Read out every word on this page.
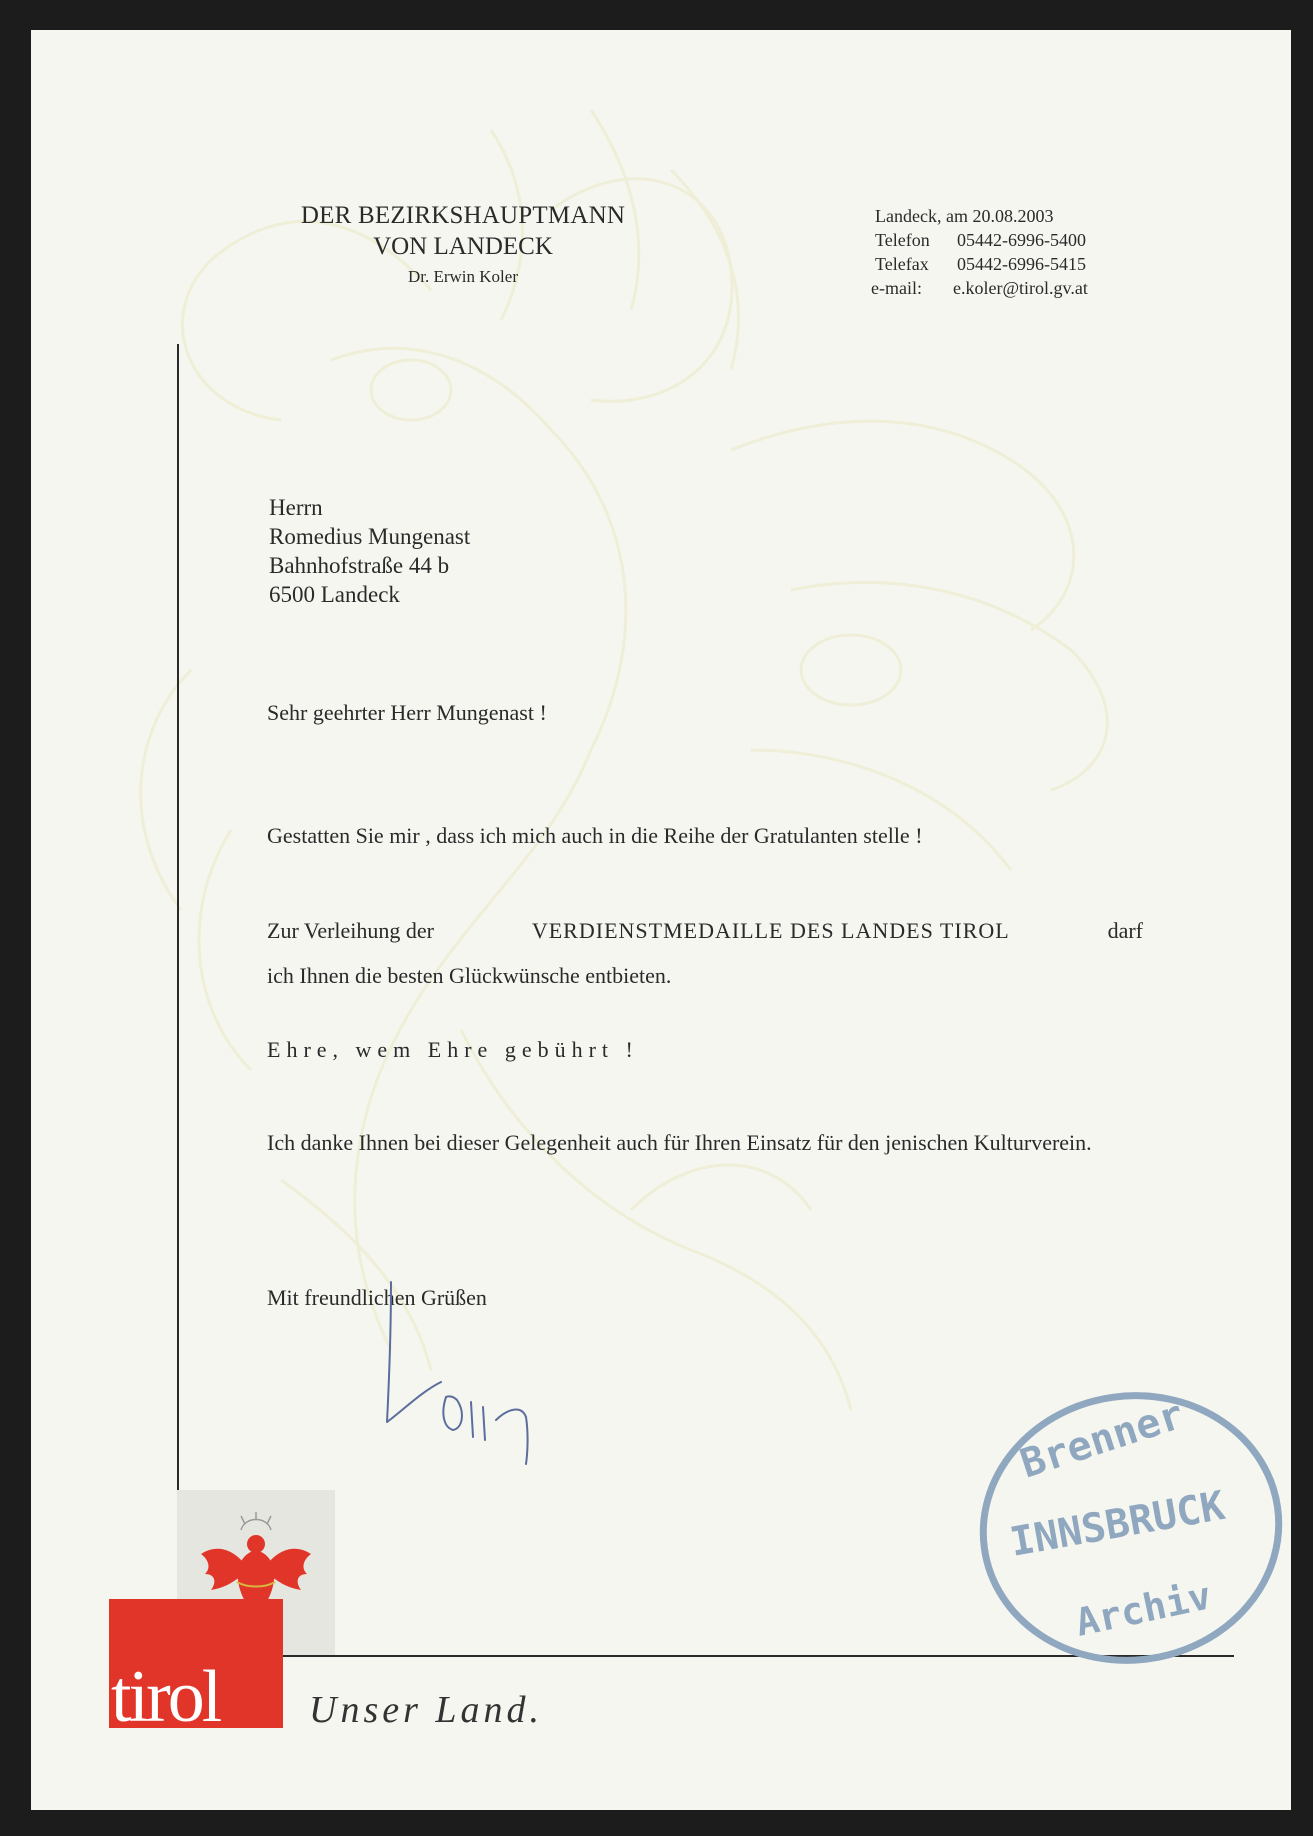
DER BEZIRKSHAUPTMANN
VON LANDECK
Dr. Erwin Koler
Landeck, am 20.08.2003
Telefon 05442-6996-5400
Telefax 05442-6996-5415
e-mail: e.koler@tirol.gv.at
Herrn
Romedius Mungenast
Bahnhofstraße 44 b
6500 Landeck
Sehr geehrter Herr Mungenast !
Gestatten Sie mir , dass ich mich auch in die Reihe der Gratulanten stelle !
Zur Verleihung der	VERDIENSTMEDAILLE DES LANDES TIROL	darf
ich Ihnen die besten Glückwünsche entbieten.
Ehre, wem Ehre gebührt !
Ich danke Ihnen bei dieser Gelegenheit auch für Ihren Einsatz für den jenischen Kulturverein.
Mit freundlichen Grüßen
Brenner
INNSBRUCK
Archiv
tirol Unser Land.
